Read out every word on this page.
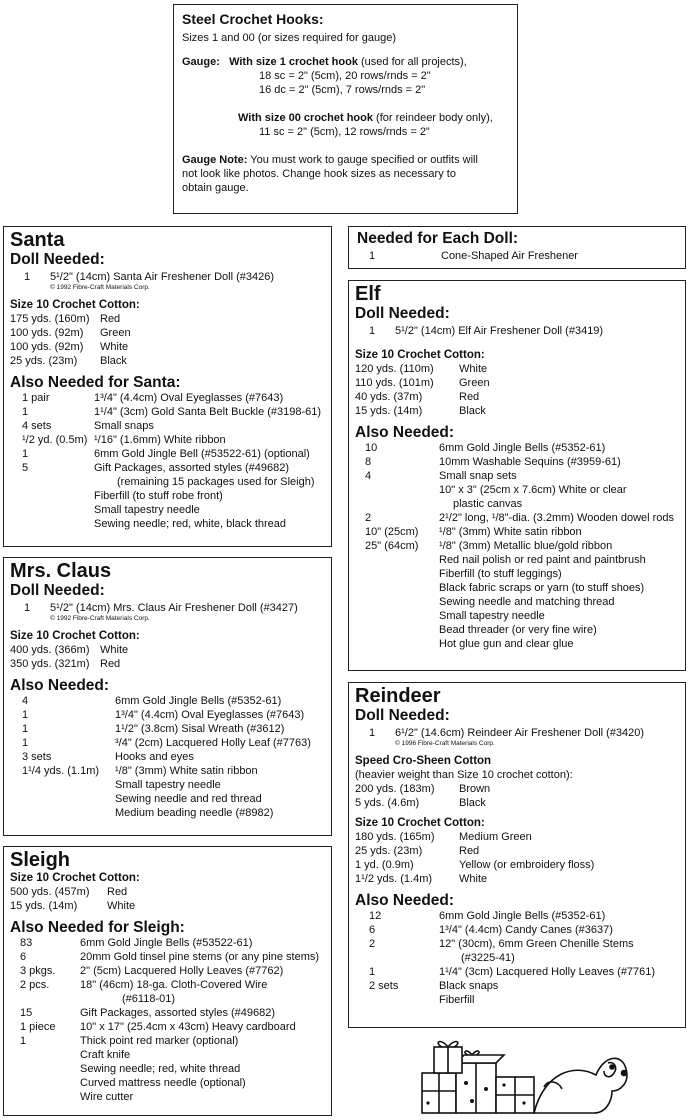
Steel Crochet Hooks:

Sizes 1 and 00 (or sizes required for gauge)

Gauge: With size 1 crochet hook (used for all projects),

18 sc = 2" (5cm), 20 rows/rnds = 2"

16 dc = 2" (5cm), 7 rows/rnds = 2"

With size 00 crochet hook (for reindeer body only),

11 sc = 2" (5cm), 12 rows/rnds = 2"

Gauge Note: You must work to gauge specified or outfits will

not look like photos. Change hook sizes as necessary to

obtain gauge.

Santa
Doll Needed:
1 5¹/2" (14cm) Santa Air Freshener Doll (#3426)
© 1992 Fibre-Craft Materials Corp.
Size 10 Crochet Cotton:
175 yds. (160m) Red
100 yds. (92m) Green
100 yds. (92m) White
25 yds. (23m) Black
Also Needed for Santa:
1 pair	1³/4" (4.4cm) Oval Eyeglasses (#7643)
1	1¹/4" (3cm) Gold Santa Belt Buckle (#3198-61)
4 sets	Small snaps
¹/2 yd. (0.5m) ¹/16" (1.6mm) White ribbon
1	6mm Gold Jingle Bell (#53522-61) (optional)
5	Gift Packages, assorted styles (#49682)
(remaining 15 packages used for Sleigh)
Fiberfill (to stuff robe front)
Small tapestry needle
Sewing needle; red, white, black thread
Mrs. Claus
Doll Needed:
1 5¹/2" (14cm) Mrs. Claus Air Freshener Doll (#3427)
© 1992 Fibre-Craft Materials Corp.
Size 10 Crochet Cotton:
400 yds. (366m) White
350 yds. (321m) Red
Also Needed:
4	6mm Gold Jingle Bells (#5352-61)
1	1³/4" (4.4cm) Oval Eyeglasses (#7643)
1	1¹/2" (3.8cm) Sisal Wreath (#3612)
1	³/4" (2cm) Lacquered Holly Leaf (#7763)
3 sets	Hooks and eyes
1¹/4 yds. (1.1m) ¹/8" (3mm) White satin ribbon
Small tapestry needle
Sewing needle and red thread
Medium beading needle (#8982)
Sleigh
Size 10 Crochet Cotton:
500 yds. (457m) Red
15 yds. (14m)	White
Also Needed for Sleigh:
83	6mm Gold Jingle Bells (#53522-61)
6	20mm Gold tinsel pine stems (or any pine stems)
3 pkgs. 2" (5cm) Lacquered Holly Leaves (#7762)
2 pcs.	18" (46cm) 18-ga. Cloth-Covered Wire
(#6118-01)
15	Gift Packages, assorted styles (#49682)
1 piece 10" x 17" (25.4cm x 43cm) Heavy cardboard
1	Thick point red marker (optional)
Craft knife
Sewing needle; red, white thread
Curved mattress needle (optional)
Wire cutter
Needed for Each Doll:
1	Cone-Shaped Air Freshener
Elf
Doll Needed:
1 5¹/2" (14cm) Elf Air Freshener Doll (#3419)
Size 10 Crochet Cotton:
120 yds. (110m) White
110 yds. (101m) Green
40 yds. (37m)	Red
15 yds. (14m)	Black
Also Needed:
10	6mm Gold Jingle Bells (#5352-61)
8	10mm Washable Sequins (#3959-61)
4	Small snap sets
10" x 3" (25cm x 7.6cm) White or clear
plastic canvas
2	2¹/2" long, ¹/8"-dia. (3.2mm) Wooden dowel rods
10" (25cm) ¹/8" (3mm) White satin ribbon
25" (64cm) ¹/8" (3mm) Metallic blue/gold ribbon
Red nail polish or red paint and paintbrush
Fiberfill (to stuff leggings)
Black fabric scraps or yarn (to stuff shoes)
Sewing needle and matching thread
Small tapestry needle
Bead threader (or very fine wire)
Hot glue gun and clear glue
Reindeer
Doll Needed:
1 6¹/2" (14.6cm) Reindeer Air Freshener Doll (#3420)
© 1996 Fibre-Craft Materials Corp.
Speed Cro-Sheen Cotton
(heavier weight than Size 10 crochet cotton):
200 yds. (183m) Brown
5 yds. (4.6m)	Black
Size 10 Crochet Cotton:
180 yds. (165m) Medium Green
25 yds. (23m)	Red
1 yd. (0.9m)	Yellow (or embroidery floss)
1¹/2 yds. (1.4m) White
Also Needed:
12	6mm Gold Jingle Bells (#5352-61)
6	1³/4" (4.4cm) Candy Canes (#3637)
2	12" (30cm), 6mm Green Chenille Stems
(#3225-41)
1	1¹/4" (3cm) Lacquered Holly Leaves (#7761)
2 sets	Black snaps
Fiberfill
